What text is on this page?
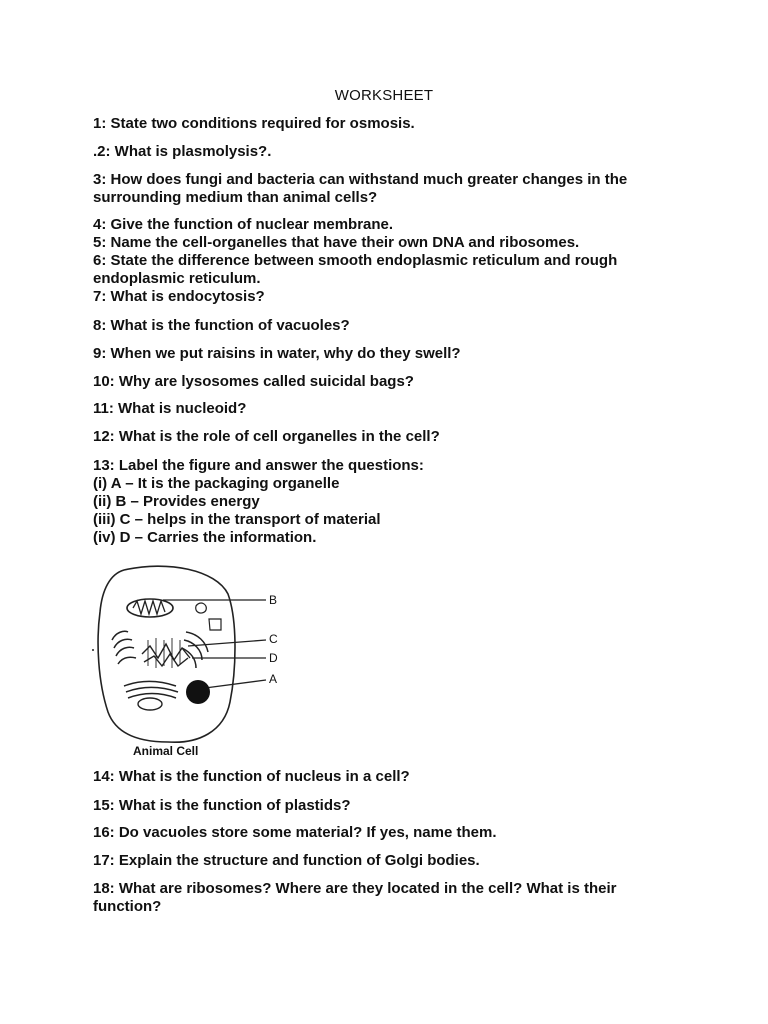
WORKSHEET
1: State two conditions required for osmosis.
.2: What is plasmolysis?.
3: How does fungi and bacteria can withstand much greater changes in the
surrounding medium than animal cells?
4: Give the function of nuclear membrane.
5: Name the cell-organelles that have their own DNA and ribosomes.
6: State the difference between smooth endoplasmic reticulum and rough
endoplasmic reticulum.
7: What is endocytosis?
8: What is the function of vacuoles?
9: When we put raisins in water, why do they swell?
10: Why are lysosomes called suicidal bags?
11: What is nucleoid?
12: What is the role of cell organelles in the cell?
13: Label the figure and answer the questions:
(i) A – It is the packaging organelle
(ii) B – Provides energy
(iii) C – helps in the transport of material
(iv) D – Carries the information.
B
C
D
A
Animal Cell
14: What is the function of nucleus in a cell?
15: What is the function of plastids?
16: Do vacuoles store some material? If yes, name them.
17: Explain the structure and function of Golgi bodies.
18: What are ribosomes? Where are they located in the cell? What is their
function?
